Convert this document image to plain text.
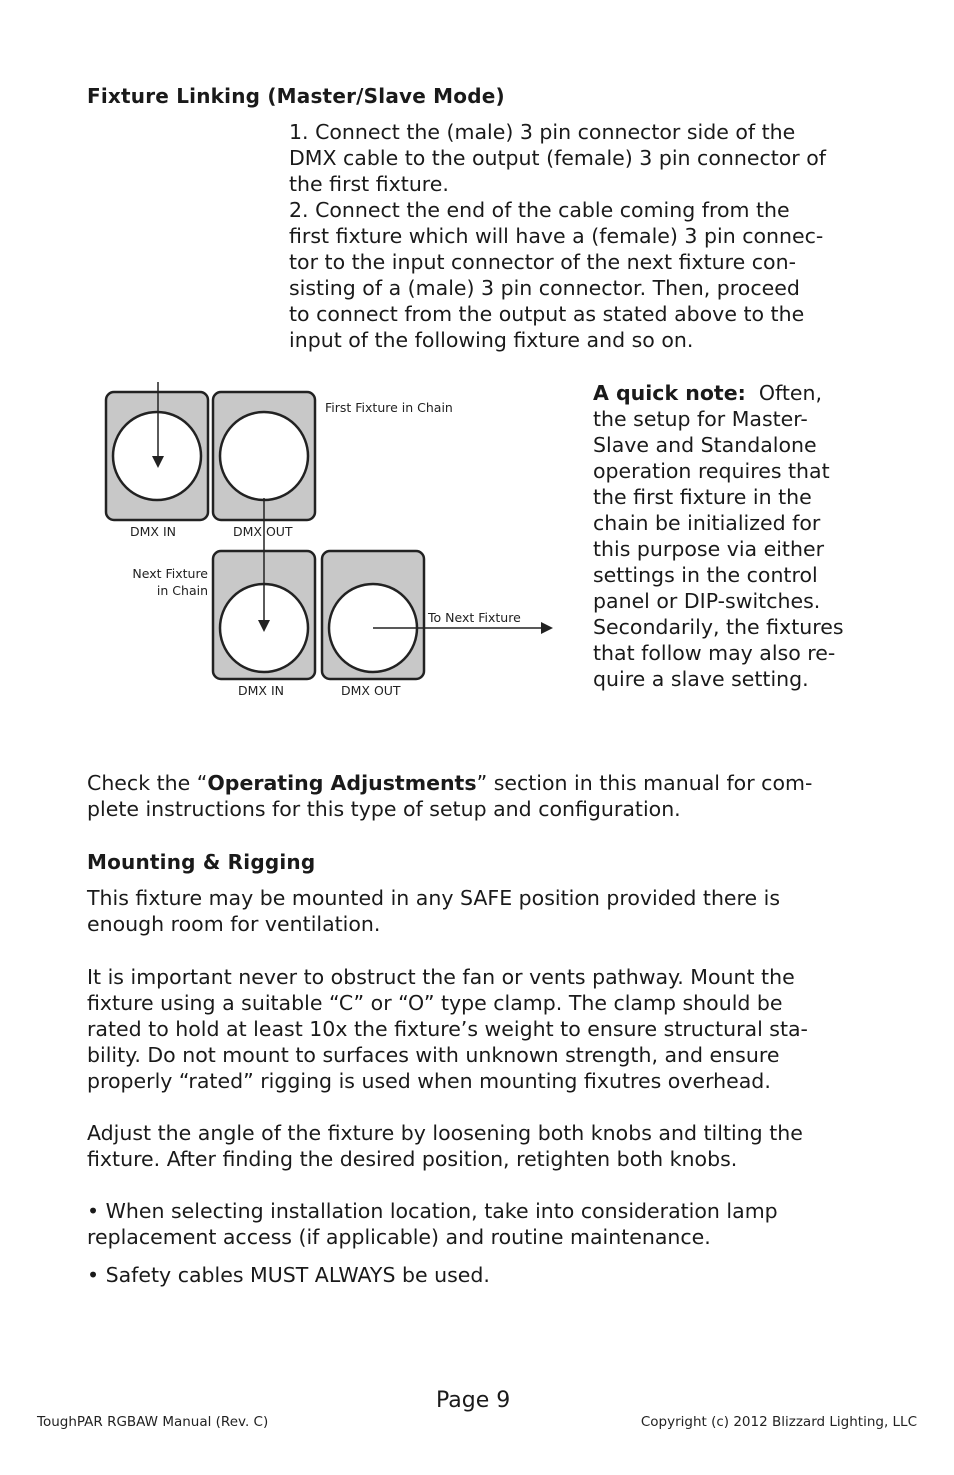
Fixture Linking (Master/Slave Mode)
1. Connect the (male) 3 pin connector side of the
DMX cable to the output (female) 3 pin connector of
the first fixture.
2. Connect the end of the cable coming from the
first fixture which will have a (female) 3 pin connec-
tor to the input connector of the next fixture con-
sisting of a (male) 3 pin connector. Then, proceed
to connect from the output as stated above to the
input of the following fixture and so on.
First Fixture in Chain
DMX IN	DMX OUT
Next Fixture
in Chain
To Next Fixture
DMX IN	DMX OUT
A quick note:  Often,
the setup for Master-
Slave and Standalone
operation requires that
the first fixture in the
chain be initialized for
this purpose via either
settings in the control
panel or DIP-switches.
Secondarily, the fixtures
that follow may also re-
quire a slave setting.
Check the “Operating Adjustments” section in this manual for com-
plete instructions for this type of setup and configuration.
Mounting & Rigging
This fixture may be mounted in any SAFE position provided there is
enough room for ventilation.
It is important never to obstruct the fan or vents pathway. Mount the
fixture using a suitable “C” or “O” type clamp. The clamp should be
rated to hold at least 10x the fixture’s weight to ensure structural sta-
bility. Do not mount to surfaces with unknown strength, and ensure
properly “rated” rigging is used when mounting fixutres overhead.
Adjust the angle of the fixture by loosening both knobs and tilting the
fixture. After finding the desired position, retighten both knobs.
• When selecting installation location, take into consideration lamp
replacement access (if applicable) and routine maintenance.
• Safety cables MUST ALWAYS be used.
Page 9
ToughPAR RGBAW Manual (Rev. C)	Copyright (c) 2012 Blizzard Lighting, LLC
